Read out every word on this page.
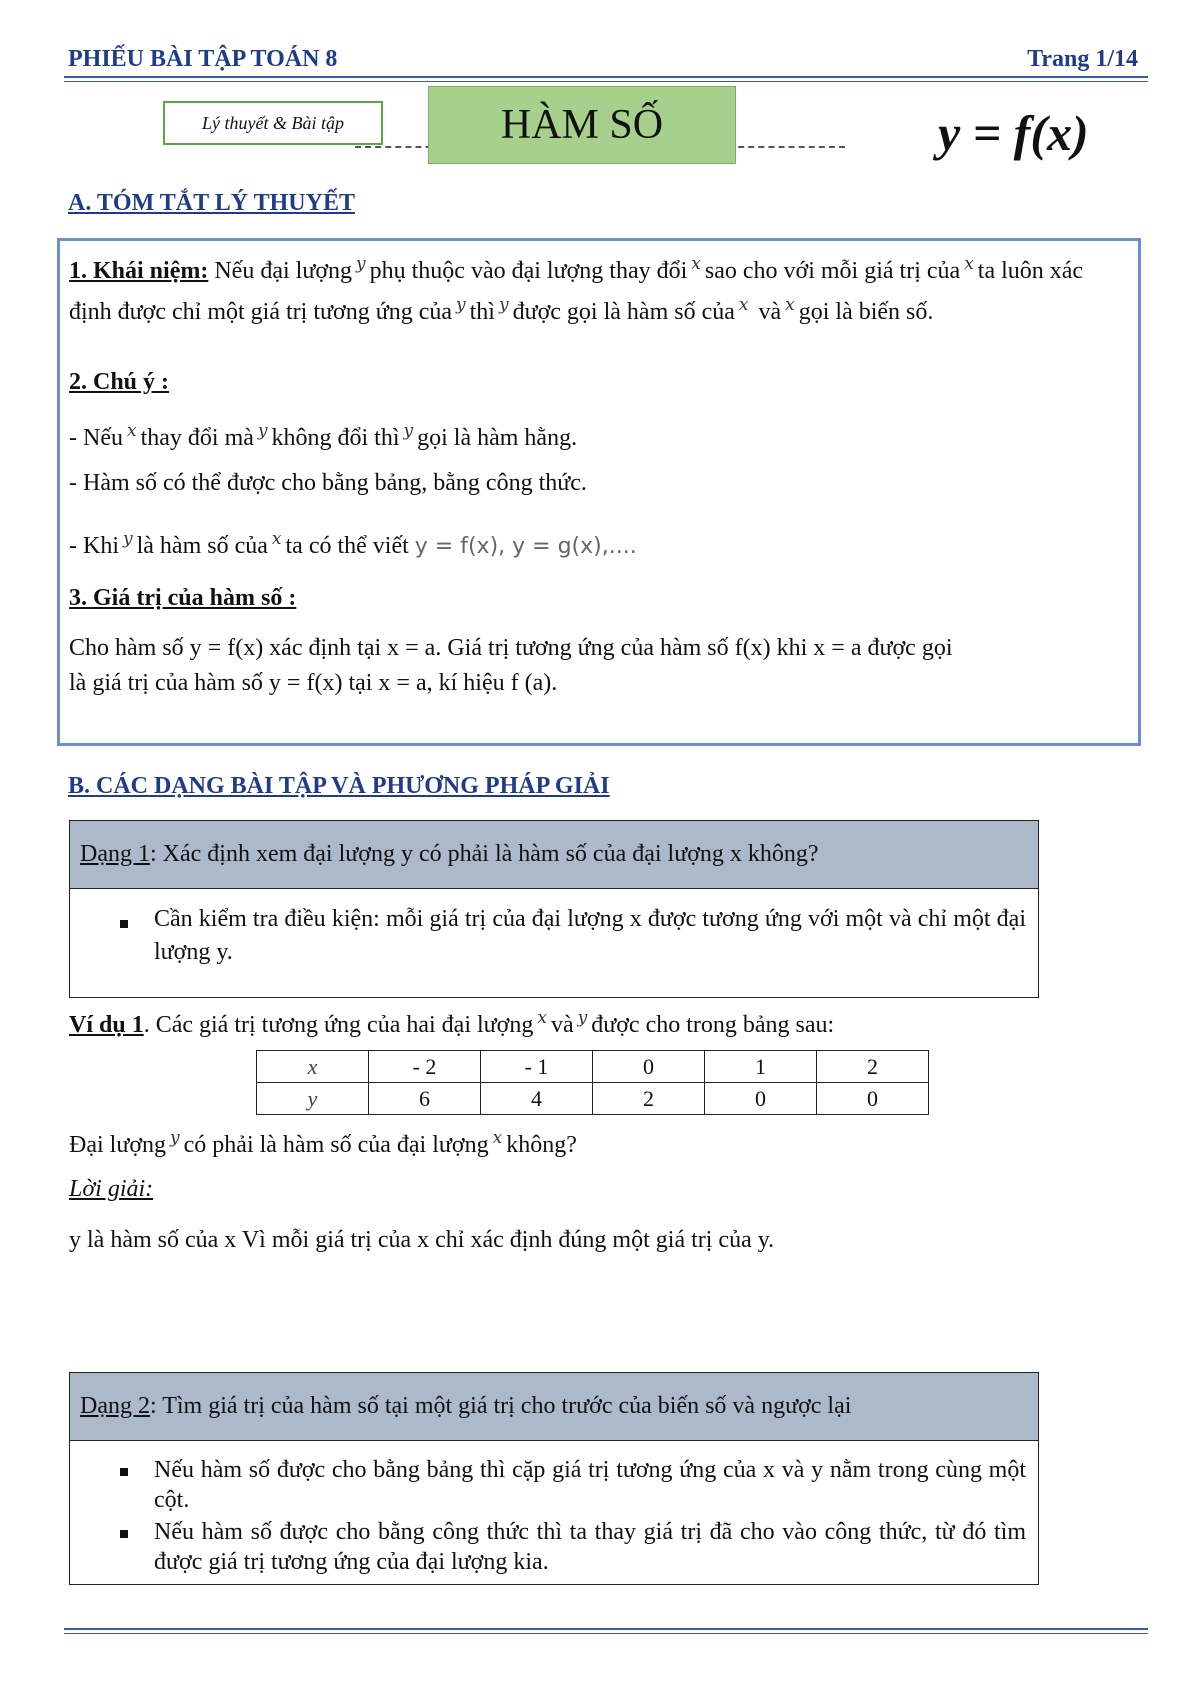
PHIẾU BÀI TẬP TOÁN 8	Trang 1/14
Lý thuyết & Bài tập	HÀM SỐ	y = f(x)
A. TÓM TẮT LÝ THUYẾT
1. Khái niệm: Nếu đại lượng $^y$ phụ thuộc vào đại lượng thay đổi $^x$ sao cho với mỗi giá trị của $^x$ ta luôn xác định được chỉ một giá trị tương ứng của $^y$ thì $^y$ được gọi là hàm số của $^x$ và $^x$ gọi là biến số.
2. Chú ý :
- Nếu $^x$ thay đổi mà $^y$ không đổi thì $^y$ gọi là hàm hằng.
- Hàm số có thể được cho bằng bảng, bằng công thức.
- Khi $^y$ là hàm số của $^x$ ta có thể viết y = f(x), y = g(x),....
3. Giá trị của hàm số :
Cho hàm số y = f(x) xác định tại x = a. Giá trị tương ứng của hàm số f(x) khi x = a được gọi
là giá trị của hàm số y = f(x) tại x = a, kí hiệu f (a).
B. CÁC DẠNG BÀI TẬP VÀ PHƯƠNG PHÁP GIẢI
Dạng 1 : Xác định xem đại lượng y có phải là hàm số của đại lượng x không?
Cần kiểm tra điều kiện: mỗi giá trị của đại lượng x được tương ứng với một và chỉ một đại lượng y.
Ví dụ 1. Các giá trị tương ứng của hai đại lượng $^x$ và $^y$ được cho trong bảng sau:
x	- 2	- 1	0	1	2
y	6	4	2	0	0
Đại lượng $^y$ có phải là hàm số của đại lượng $^x$ không?
Lời giải:
y là hàm số của x Vì mỗi giá trị của x chỉ xác định đúng một giá trị của y.
Dạng 2 : Tìm giá trị của hàm số tại một giá trị cho trước của biến số và ngược lại
Nếu hàm số được cho bằng bảng thì cặp giá trị tương ứng của x và y nằm trong cùng một cột.
Nếu hàm số được cho bằng công thức thì ta thay giá trị đã cho vào công thức, từ đó tìm được giá trị tương ứng của đại lượng kia.
